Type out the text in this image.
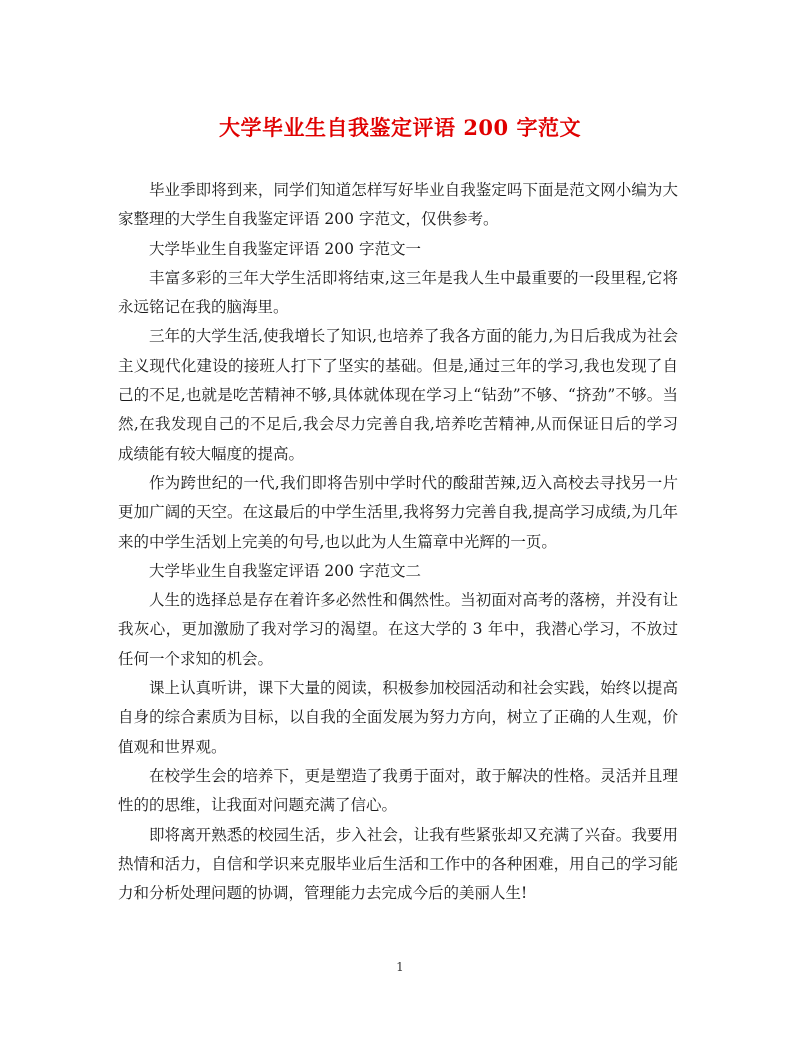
大学毕业生自我鉴定评语 200 字范文

毕业季即将到来，同学们知道怎样写好毕业自我鉴定吗下面是范文网小编为大家整理的大学生自我鉴定评语 200 字范文，仅供参考。

大学毕业生自我鉴定评语 200 字范文一

丰富多彩的三年大学生活即将结束,这三年是我人生中最重要的一段里程,它将永远铭记在我的脑海里。

三年的大学生活,使我增长了知识,也培养了我各方面的能力,为日后我成为社会主义现代化建设的接班人打下了坚实的基础。但是,通过三年的学习,我也发现了自己的不足,也就是吃苦精神不够,具体就体现在学习上“钻劲”不够、“挤劲”不够。当然,在我发现自己的不足后,我会尽力完善自我,培养吃苦精神,从而保证日后的学习成绩能有较大幅度的提高。

作为跨世纪的一代,我们即将告别中学时代的酸甜苦辣,迈入高校去寻找另一片更加广阔的天空。在这最后的中学生活里,我将努力完善自我,提高学习成绩,为几年来的中学生活划上完美的句号,也以此为人生篇章中光辉的一页。

大学毕业生自我鉴定评语 200 字范文二

人生的选择总是存在着许多必然性和偶然性。当初面对高考的落榜，并没有让我灰心，更加激励了我对学习的渴望。在这大学的 3 年中，我潜心学习，不放过任何一个求知的机会。

课上认真听讲，课下大量的阅读，积极参加校园活动和社会实践，始终以提高自身的综合素质为目标，以自我的全面发展为努力方向，树立了正确的人生观，价值观和世界观。

在校学生会的培养下，更是塑造了我勇于面对，敢于解决的性格。灵活并且理性的的思维，让我面对问题充满了信心。

即将离开熟悉的校园生活，步入社会，让我有些紧张却又充满了兴奋。我要用热情和活力，自信和学识来克服毕业后生活和工作中的各种困难，用自己的学习能力和分析处理问题的协调，管理能力去完成今后的美丽人生!

1
